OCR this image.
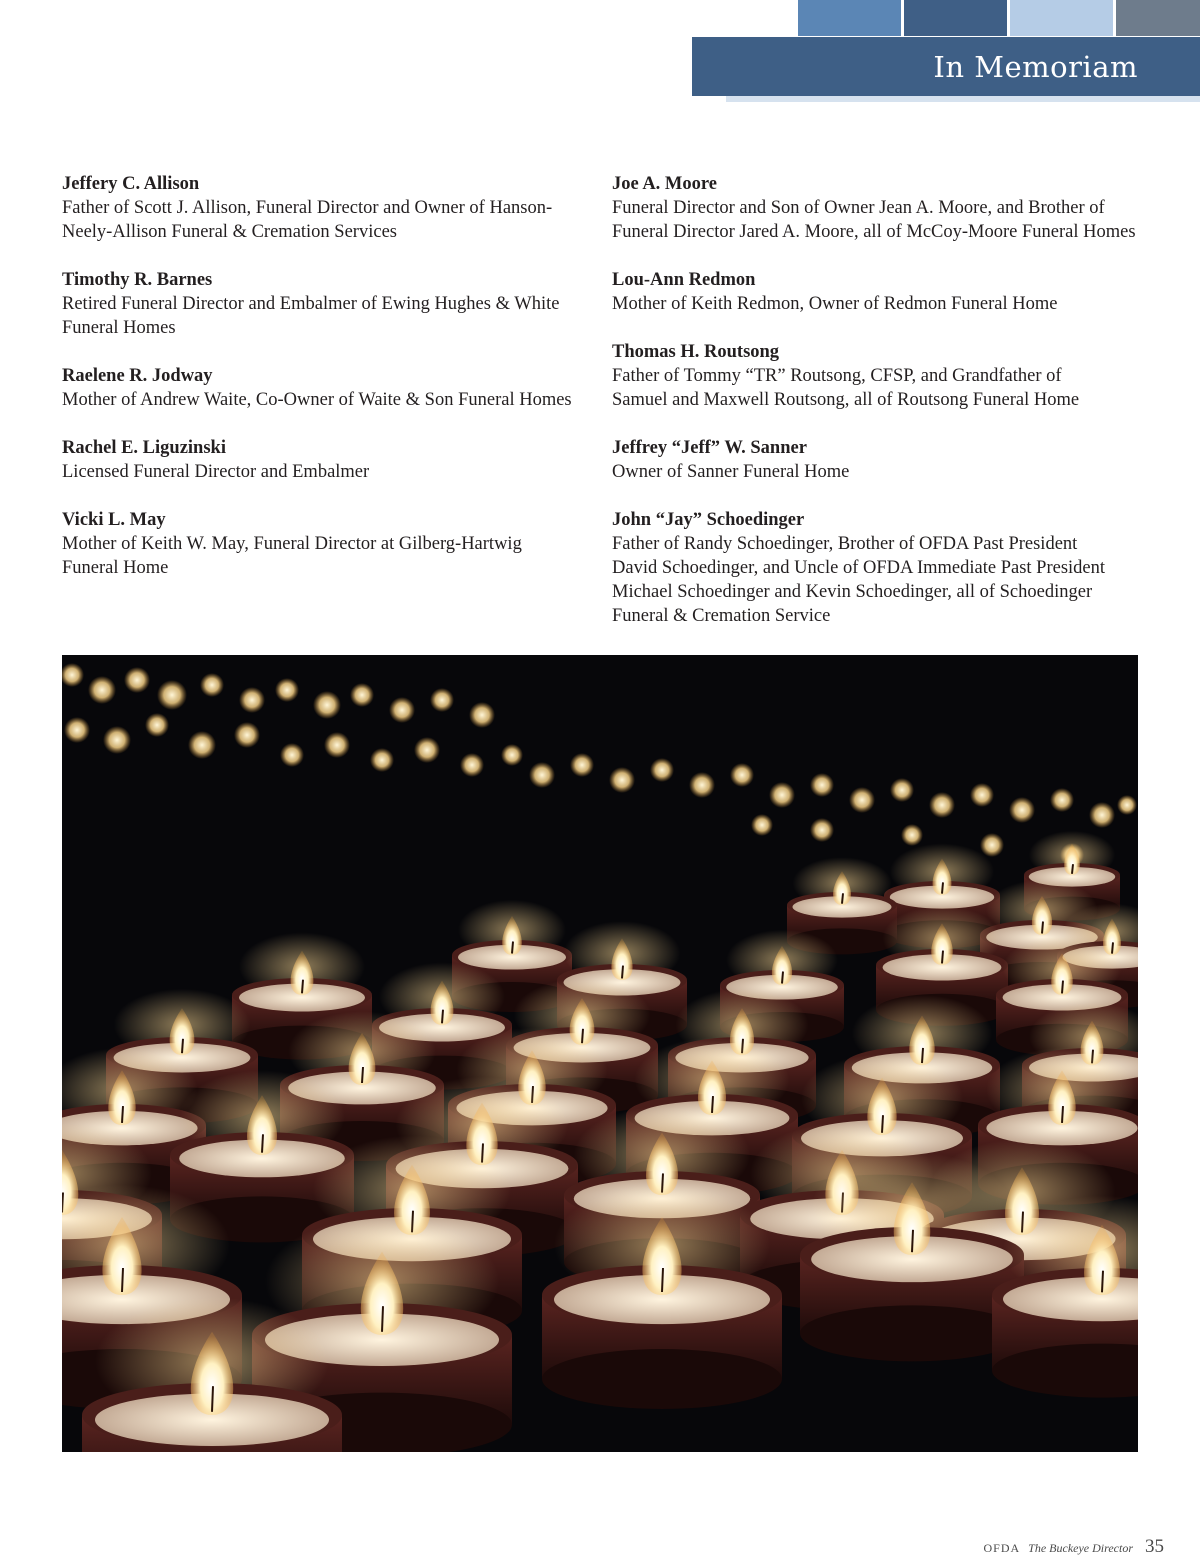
In Memoriam
Jeffery C. Allison
Father of Scott J. Allison, Funeral Director and Owner of Hanson-
Neely-Allison Funeral & Cremation Services
Timothy R. Barnes
Retired Funeral Director and Embalmer of Ewing Hughes & White
Funeral Homes
Raelene R. Jodway
Mother of Andrew Waite, Co-Owner of Waite & Son Funeral Homes
Rachel E. Liguzinski
Licensed Funeral Director and Embalmer
Vicki L. May
Mother of Keith W. May, Funeral Director at Gilberg-Hartwig
Funeral Home
Joe A. Moore
Funeral Director and Son of Owner Jean A. Moore, and Brother of
Funeral Director Jared A. Moore, all of McCoy-Moore Funeral Homes
Lou-Ann Redmon
Mother of Keith Redmon, Owner of Redmon Funeral Home
Thomas H. Routsong
Father of Tommy “TR” Routsong, CFSP, and Grandfather of
Samuel and Maxwell Routsong, all of Routsong Funeral Home
Jeffrey “Jeff” W. Sanner
Owner of Sanner Funeral Home
John “Jay” Schoedinger
Father of Randy Schoedinger, Brother of OFDA Past President
David Schoedinger, and Uncle of OFDA Immediate Past President
Michael Schoedinger and Kevin Schoedinger, all of Schoedinger
Funeral & Cremation Service
OFDA The Buckeye Director 35
